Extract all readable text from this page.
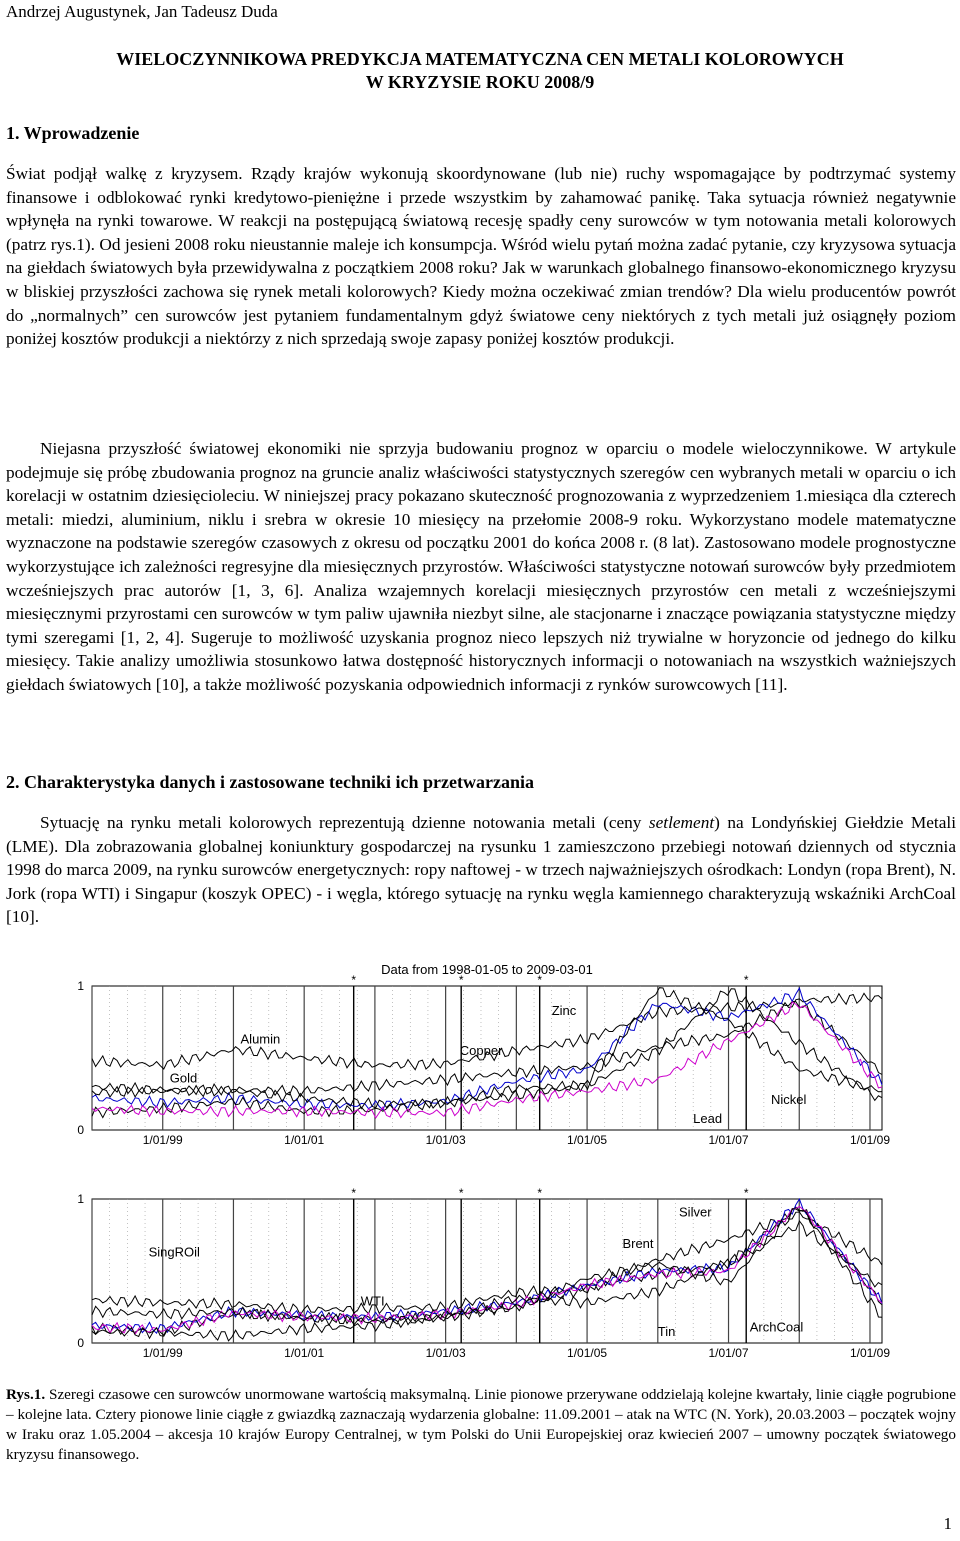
Andrzej Augustynek, Jan Tadeusz Duda
WIELOCZYNNIKOWA PREDYKCJA MATEMATYCZNA CEN METALI KOLOROWYCH
W KRYZYSIE ROKU 2008/9
1. Wprowadzenie
Świat podjął walkę z kryzysem. Rządy krajów wykonują skoordynowane (lub nie) ruchy wspomagające by podtrzymać systemy finansowe i odblokować rynki kredytowo-pieniężne i przede wszystkim by zahamować panikę. Taka sytuacja również negatywnie wpłynęła na rynki towarowe. W reakcji na postępującą światową recesję spadły ceny surowców w tym notowania metali kolorowych (patrz rys.1). Od jesieni 2008 roku nieustannie maleje ich konsumpcja. Wśród wielu pytań można zadać pytanie, czy kryzysowa sytuacja na giełdach światowych była przewidywalna z początkiem 2008 roku? Jak w warunkach globalnego finansowo-ekonomicznego kryzysu w bliskiej przyszłości zachowa się rynek metali kolorowych? Kiedy można oczekiwać zmian trendów? Dla wielu producentów powrót do „normalnych” cen surowców jest pytaniem fundamentalnym gdyż światowe ceny niektórych z tych metali już osiągnęły poziom poniżej kosztów produkcji a niektórzy z nich sprzedają swoje zapasy poniżej kosztów produkcji.
Niejasna przyszłość światowej ekonomiki nie sprzyja budowaniu prognoz w oparciu o modele wieloczynnikowe. W artykule podejmuje się próbę zbudowania prognoz na gruncie analiz właściwości statystycznych szeregów cen wybranych metali w oparciu o ich korelacji w ostatnim dziesięcioleciu. W niniejszej pracy pokazano skuteczność prognozowania z wyprzedzeniem 1.miesiąca dla czterech metali: miedzi, aluminium, niklu i srebra w okresie 10 miesięcy na przełomie 2008-9 roku. Wykorzystano modele matematyczne wyznaczone na podstawie szeregów czasowych z okresu od początku 2001 do końca 2008 r. (8 lat). Zastosowano modele prognostyczne wykorzystujące ich zależności regresyjne dla miesięcznych przyrostów. Właściwości statystyczne notowań surowców były przedmiotem wcześniejszych prac autorów [1, 3, 6]. Analiza wzajemnych korelacji miesięcznych przyrostów cen metali z wcześniejszymi miesięcznymi przyrostami cen surowców w tym paliw ujawniła niezbyt silne, ale stacjonarne i znaczące powiązania statystyczne między tymi szeregami [1, 2, 4]. Sugeruje to możliwość uzyskania prognoz nieco lepszych niż trywialne w horyzoncie od jednego do kilku miesięcy. Takie analizy umożliwia stosunkowo łatwa dostępność historycznych informacji o notowaniach na wszystkich ważniejszych giełdach światowych [10], a także możliwość pozyskania odpowiednich informacji z rynków surowcowych [11].
2. Charakterystyka danych i zastosowane techniki ich przetwarzania
Sytuację na rynku metali kolorowych reprezentują dzienne notowania metali (ceny setlement) na Londyńskiej Giełdzie Metali (LME). Dla zobrazowania globalnej koniunktury gospodarczej na rysunku 1 zamieszczono przebiegi notowań dziennych od stycznia 1998 do marca 2009, na rynku surowców energetycznych: ropy naftowej - w trzech najważniejszych ośrodkach: Londyn (ropa Brent), N. Jork (ropa WTI) i Singapur (koszyk OPEC) - i węgla, którego sytuację na rynku węgla kamiennego charakteryzują wskaźniki ArchCoal [10].
Data from 1998-01-05 to 2009-03-01
*	*	*	*
0
1
1/01/99	1/01/01	1/01/03	1/01/05	1/01/07	1/01/09
Gold
Alumin
Copper
Zinc
Nickel
Lead
*	*	*	*
0
1
1/01/99	1/01/01	1/01/03	1/01/05	1/01/07	1/01/09
Silver
SingROil
WTI
Brent
Tin	ArchCoal
Rys.1. Szeregi czasowe cen surowców unormowane wartością maksymalną. Linie pionowe przerywane oddzielają kolejne kwartały, linie ciągłe pogrubione – kolejne lata. Cztery pionowe linie ciągłe z gwiazdką zaznaczają wydarzenia globalne: 11.09.2001 – atak na WTC (N. York), 20.03.2003 – początek wojny w Iraku oraz 1.05.2004 – akcesja 10 krajów Europy Centralnej, w tym Polski do Unii Europejskiej oraz kwiecień 2007 – umowny początek światowego kryzysu finansowego.
1
